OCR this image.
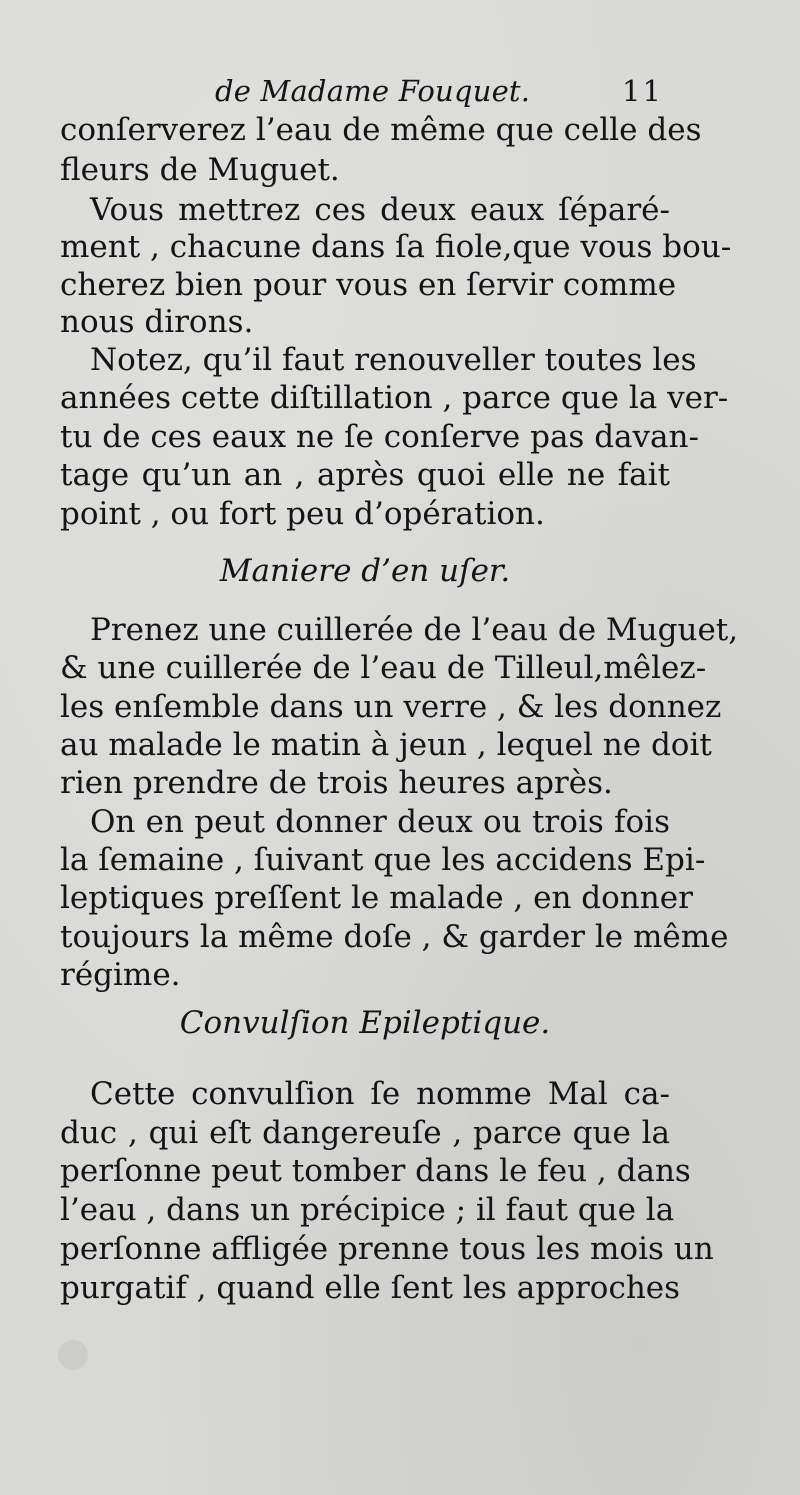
de Madame Fouquet.	11
conſerverez l’eau de même que celle des
fleurs de Muguet.
Vous mettrez ces deux eaux ſéparé-
ment , chacune dans ſa fiole,que vous bou-
cherez bien pour vous en ſervir comme
nous dirons.
Notez, qu’il faut renouveller toutes les
années cette diſtillation , parce que la ver-
tu de ces eaux ne ſe conſerve pas davan-
tage qu’un an , après quoi elle ne fait
point , ou fort peu d’opération.
Maniere d’en uſer.
Prenez une cuillerée de l’eau de Muguet,
& une cuillerée de l’eau de Tilleul,mêlez-
les enſemble dans un verre , & les donnez
au malade le matin à jeun , lequel ne doit
rien prendre de trois heures après.
On en peut donner deux ou trois fois
la ſemaine , ſuivant que les accidens Epi-
leptiques preſſent le malade , en donner
toujours la même doſe , & garder le même
régime.
Convulſion Epileptique.
Cette convulſion ſe nomme Mal ca-
duc , qui eſt dangereuſe , parce que la
perſonne peut tomber dans le feu , dans
l’eau , dans un précipice ; il faut que la
perſonne affligée prenne tous les mois un
purgatif , quand elle ſent les approches
